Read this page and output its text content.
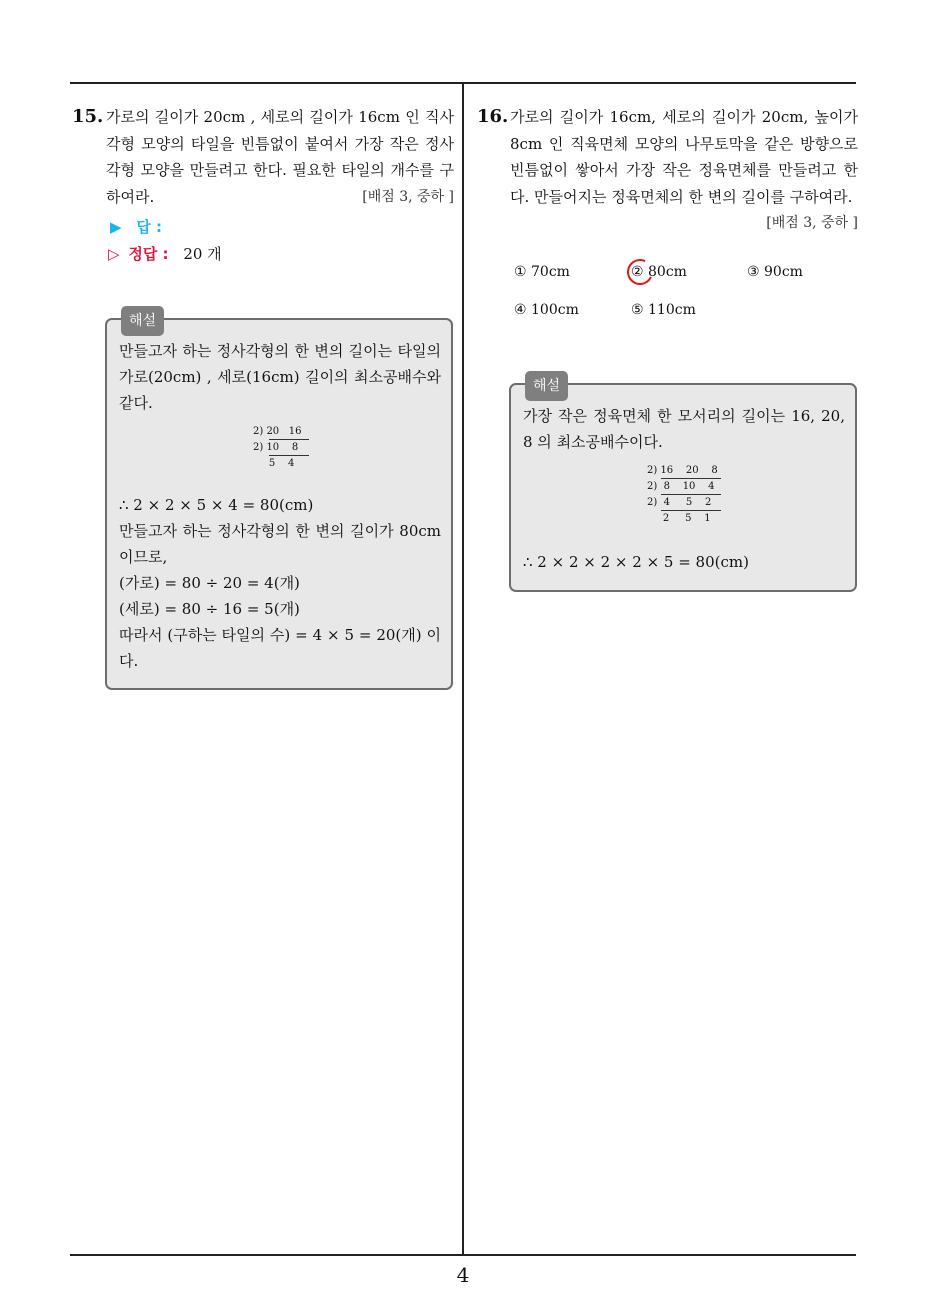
15. 가로의 길이가 20cm , 세로의 길이가 16cm 인 직사각형 모양의 타일을 빈틈없이 붙여서 가장 작은 정사각형 모양을 만들려고 한다. 필요한 타일의 개수를 구하여라.	[배점 3, 중하 ]
▶ 답 :
▷ 정답 : 20 개
해설

만들고자 하는 정사각형의 한 변의 길이는 타일의 가로(20cm) , 세로(16cm) 길이의 최소공배수와 같다.

2) 20   16
2) 10    8
5    4

∴ 2 × 2 × 5 × 4 = 80(cm)

만들고자 하는 정사각형의 한 변의 길이가 80cm 이므로,

(가로) = 80 ÷ 20 = 4(개)

(세로) = 80 ÷ 16 = 5(개)

따라서 (구하는 타일의 수) = 4 × 5 = 20(개) 이다.

16. 가로의 길이가 16cm, 세로의 길이가 20cm, 높이가 8cm 인 직육면체 모양의 나무토막을 같은 방향으로 빈틈없이 쌓아서 가장 작은 정육면체를 만들려고 한다. 만들어지는 정육면체의 한 변의 길이를 구하여라.
[배점 3, 중하 ]
① 70cm	② 80cm	③ 90cm
④ 100cm	⑤ 110cm
해설

가장 작은 정육면체 한 모서리의 길이는 16, 20, 8 의 최소공배수이다.

2) 16    20    8
2)  8    10    4
2)  4     5    2
2     5    1

∴ 2 × 2 × 2 × 2 × 5 = 80(cm)

4
